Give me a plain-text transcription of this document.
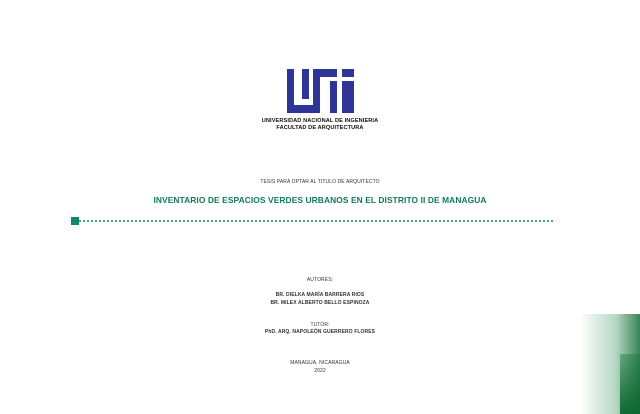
UNIVERSIDAD NACIONAL DE INGENIERIA
FACULTAD DE ARQUITECTURA
TESIS PARA OPTAR AL TITULO DE ARQUITECTO
INVENTARIO DE ESPACIOS VERDES URBANOS EN EL DISTRITO II DE MANAGUA
AUTORES:
BR. DIELKA MARÍA BARRERA RIOS
BR. MILEX ALBERTO BELLO ESPINOZA
TUTOR:
PhD. ARQ. NAPOLEÓN GUERRERO FLORES
MANAGUA, NICARAGUA
2022
